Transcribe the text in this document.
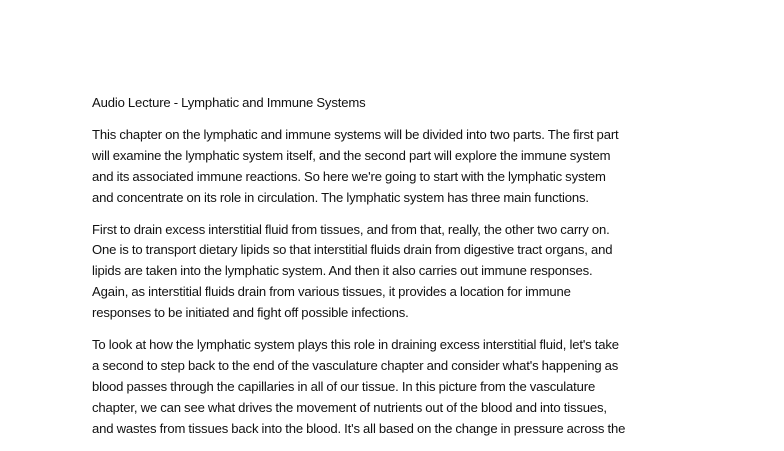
Audio Lecture - Lymphatic and Immune Systems
This chapter on the lymphatic and immune systems will be divided into two parts. The first part
will examine the lymphatic system itself, and the second part will explore the immune system
and its associated immune reactions. So here we're going to start with the lymphatic system
and concentrate on its role in circulation. The lymphatic system has three main functions.
First to drain excess interstitial fluid from tissues, and from that, really, the other two carry on.
One is to transport dietary lipids so that interstitial fluids drain from digestive tract organs, and
lipids are taken into the lymphatic system. And then it also carries out immune responses.
Again, as interstitial fluids drain from various tissues, it provides a location for immune
responses to be initiated and fight off possible infections.
To look at how the lymphatic system plays this role in draining excess interstitial fluid, let's take
a second to step back to the end of the vasculature chapter and consider what's happening as
blood passes through the capillaries in all of our tissue. In this picture from the vasculature
chapter, we can see what drives the movement of nutrients out of the blood and into tissues,
and wastes from tissues back into the blood. It's all based on the change in pressure across the
